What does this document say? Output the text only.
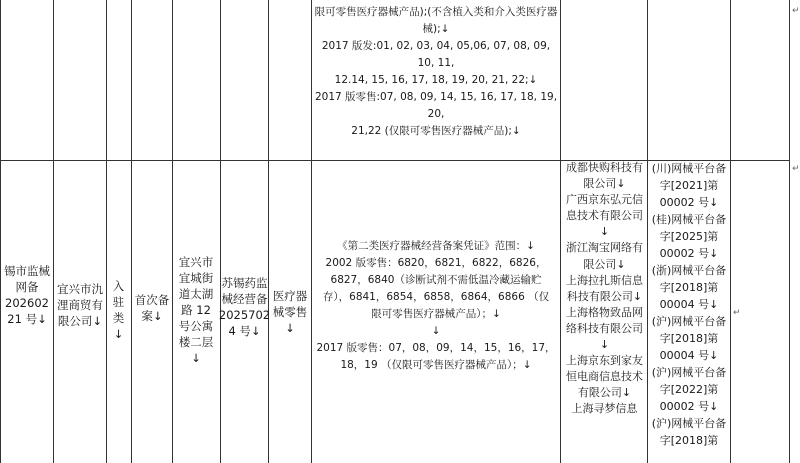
限可零售医疗器械产品);(不含植入类和介入类医疗器械);↓
2017 版发:01, 02, 03, 04, 05,06, 07, 08, 09, 10, 11,
12.14, 15, 16, 17, 18, 19, 20, 21, 22;↓
2017 版零售:07, 08, 09, 14, 15, 16, 17, 18, 19, 20,
21,22 (仅限可零售医疗器械产品);↓
锡市监械网备202602 21 号↓
宜兴市氿浬商贸有限公司↓
入驻类↓
首次备案↓
宜兴市宜城街道太湖路 12 号公寓楼二层↓
苏锡药监械经营备2025702 4 号↓
医疗器械零售↓
《第二类医疗器械经营备案凭证》范围：↓
2002 版零售：6820，6821，6822，6826，
6827，6840（诊断试剂不需低温冷藏运输贮
存），6841，6854，6858，6864，6866 （仅
限可零售医疗器械产品）；↓
↓
2017 版零售：07，08，09，14，15，16，17，
18，19 （仅限可零售医疗器械产品）；↓
成都快购科技有限公司↓
广西京东弘元信息技术有限公司↓
浙江淘宝网络有限公司↓
上海拉扎斯信息科技有限公司↓
上海格物致品网络科技有限公司↓
上海京东到家友恒电商信息技术有限公司↓
上海寻梦信息
(川)网械平台备字[2021]第00002 号↓
(桂)网械平台备字[2025]第00002 号↓
(浙)网械平台备字[2018]第00004 号↓
(沪)网械平台备字[2018]第00004 号↓
(沪)网械平台备字[2022]第00002 号↓
(沪)网械平台备字[2018]第
↵
↵
↵
